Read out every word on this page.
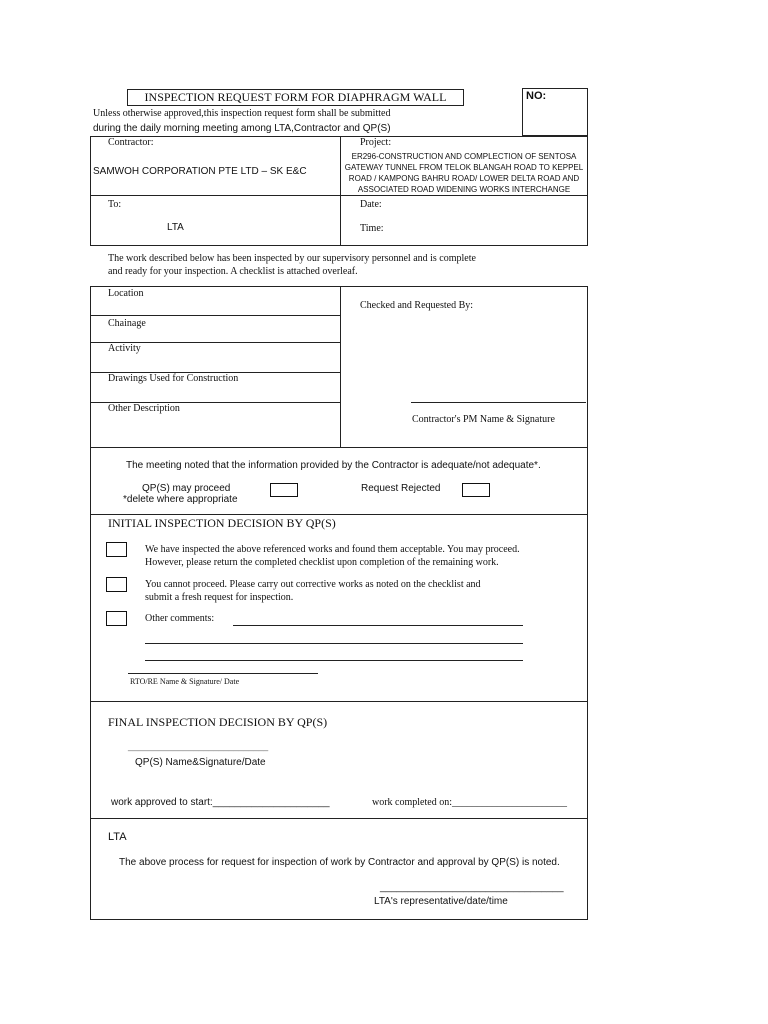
INSPECTION REQUEST FORM FOR DIAPHRAGM WALL	NO:
Unless otherwise approved,this inspection request form shall be submitted
during the daily morning meeting among LTA,Contractor and QP(S)
Contractor:
SAMWOH CORPORATION PTE LTD – SK E&C
Project:
ER296-CONSTRUCTION AND COMPLECTION OF SENTOSA
GATEWAY TUNNEL FROM TELOK BLANGAH ROAD TO KEPPEL
ROAD / KAMPONG BAHRU ROAD/ LOWER DELTA ROAD AND
ASSOCIATED ROAD WIDENING WORKS INTERCHANGE
To:
LTA
Date:
Time:
The work described below has been inspected by our supervisory personnel and is complete
and ready for your inspection. A checklist is attached overleaf.
Location
Chainage
Activity
Drawings Used for Construction
Other Description
Checked and Requested By:
Contractor's PM Name & Signature
The meeting noted that the information provided by the Contractor is adequate/not adequate*.
QP(S) may proceed
*delete where appropriate
Request Rejected
INITIAL INSPECTION DECISION BY QP(S)
We have inspected the above referenced works and found them acceptable. You may proceed.
However, please return the completed checklist upon completion of the remaining work.
You cannot proceed. Please carry out corrective works as noted on the checklist and
submit a fresh request for inspection.
Other comments:
RTO/RE Name & Signature/ Date
FINAL INSPECTION DECISION BY QP(S)
____________________________
QP(S) Name&Signature/Date
work approved to start:_____________________	work completed on:_______________________
LTA
The above process for request for inspection of work by Contractor and approval by QP(S) is noted.
_________________________________
LTA's representative/date/time
